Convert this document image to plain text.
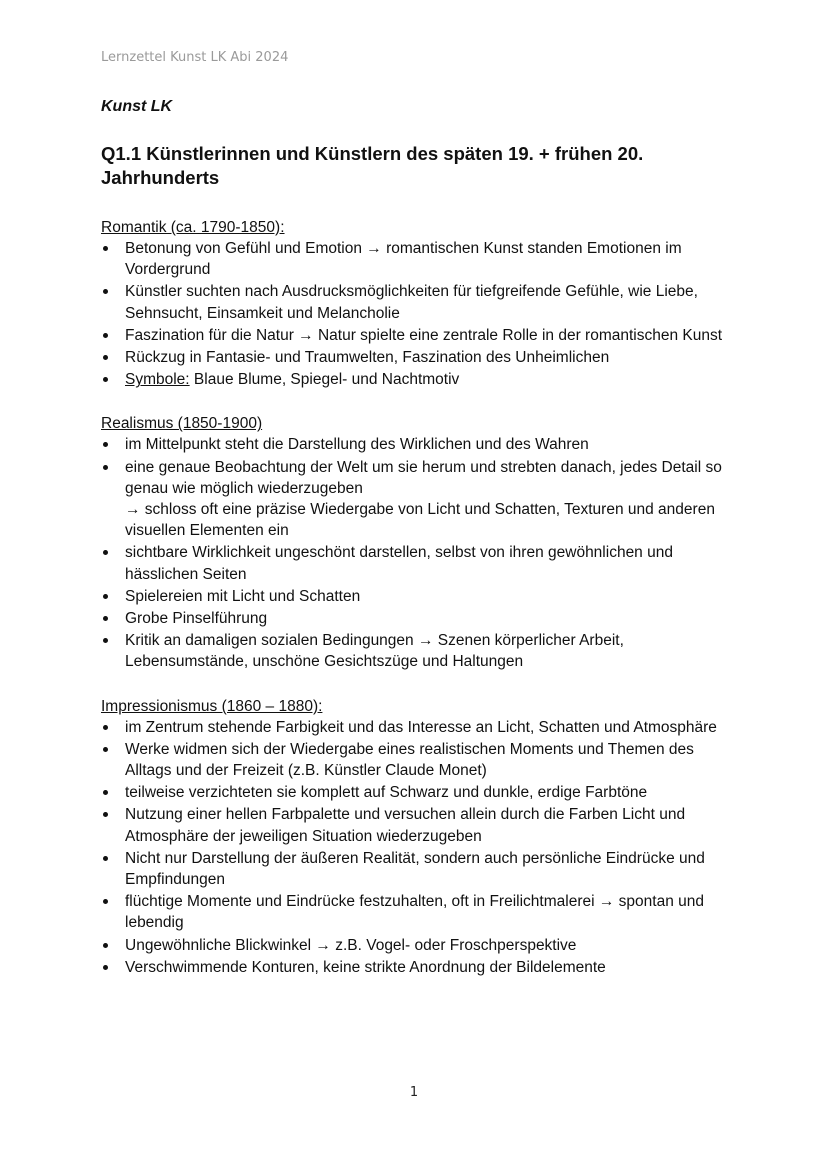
Lernzettel Kunst LK Abi 2024
Kunst LK
Q1.1 Künstlerinnen und Künstlern des späten 19. + frühen 20. Jahrhunderts
Romantik (ca. 1790-1850):
Betonung von Gefühl und Emotion → romantischen Kunst standen Emotionen im Vordergrund
Künstler suchten nach Ausdrucksmöglichkeiten für tiefgreifende Gefühle, wie Liebe, Sehnsucht, Einsamkeit und Melancholie
Faszination für die Natur → Natur spielte eine zentrale Rolle in der romantischen Kunst
Rückzug in Fantasie- und Traumwelten, Faszination des Unheimlichen
Symbole: Blaue Blume, Spiegel- und Nachtmotiv
Realismus (1850-1900)
im Mittelpunkt steht die Darstellung des Wirklichen und des Wahren
eine genaue Beobachtung der Welt um sie herum und strebten danach, jedes Detail so genau wie möglich wiederzugeben
→ schloss oft eine präzise Wiedergabe von Licht und Schatten, Texturen und anderen visuellen Elementen ein
sichtbare Wirklichkeit ungeschönt darstellen, selbst von ihren gewöhnlichen und hässlichen Seiten
Spielereien mit Licht und Schatten
Grobe Pinselführung
Kritik an damaligen sozialen Bedingungen → Szenen körperlicher Arbeit, Lebensumstände, unschöne Gesichtszüge und Haltungen
Impressionismus (1860 – 1880):
im Zentrum stehende Farbigkeit und das Interesse an Licht, Schatten und Atmosphäre
Werke widmen sich der Wiedergabe eines realistischen Moments und Themen des Alltags und der Freizeit (z.B. Künstler Claude Monet)
teilweise verzichteten sie komplett auf Schwarz und dunkle, erdige Farbtöne
Nutzung einer hellen Farbpalette und versuchen allein durch die Farben Licht und Atmosphäre der jeweiligen Situation wiederzugeben
Nicht nur Darstellung der äußeren Realität, sondern auch persönliche Eindrücke und Empfindungen
flüchtige Momente und Eindrücke festzuhalten, oft in Freilichtmalerei → spontan und lebendig
Ungewöhnliche Blickwinkel → z.B. Vogel- oder Froschperspektive
Verschwimmende Konturen, keine strikte Anordnung der Bildelemente
1
